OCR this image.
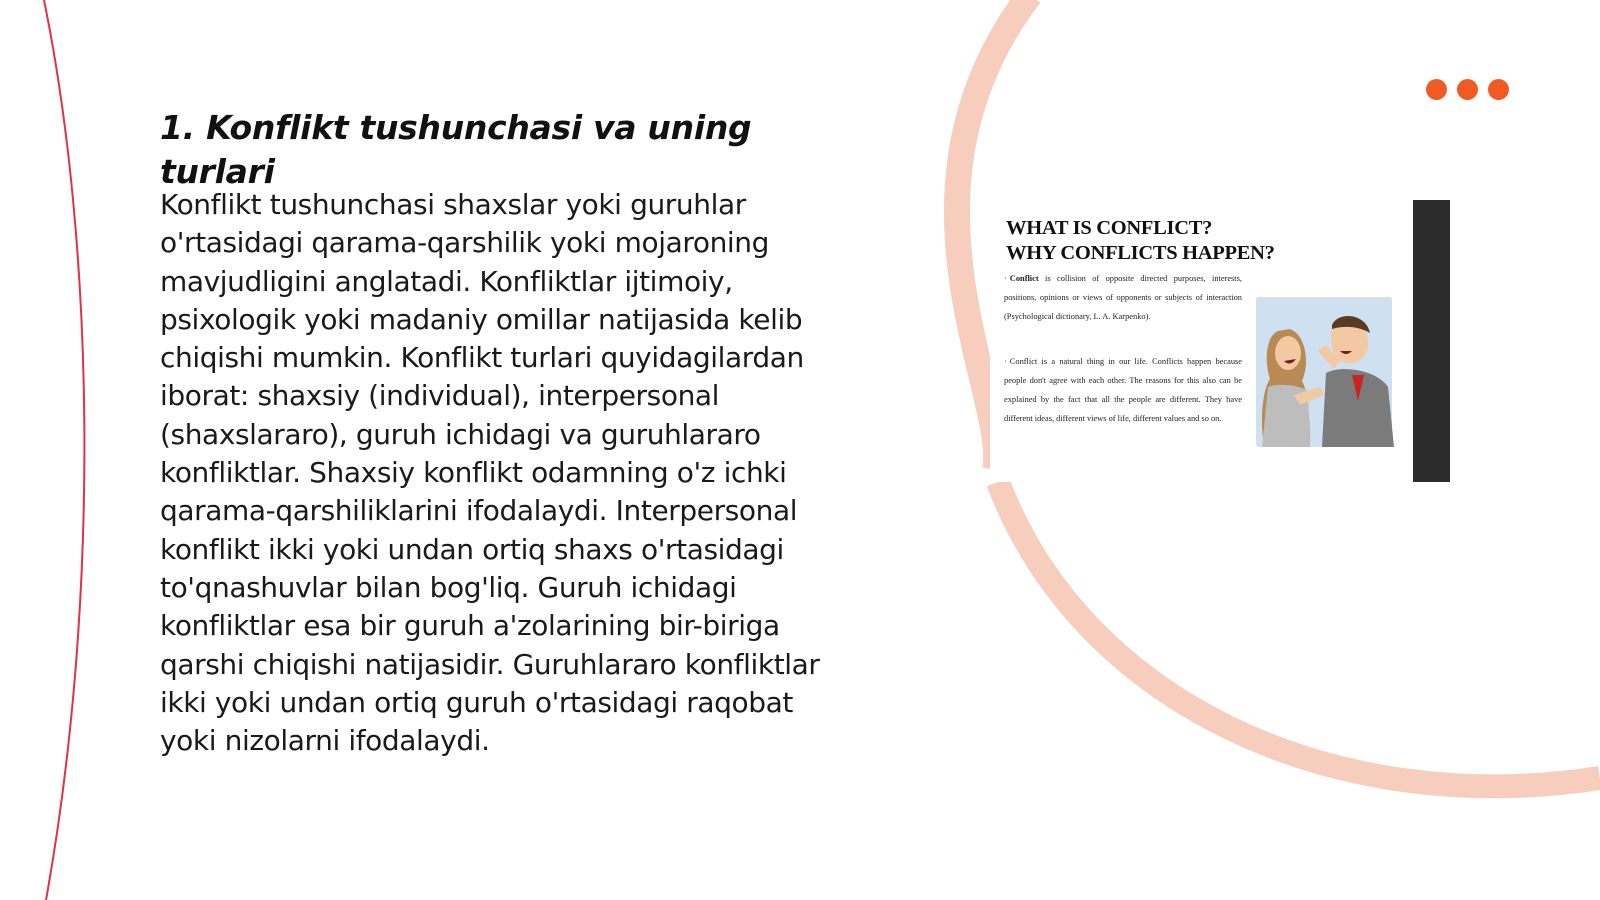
1. Konflikt tushunchasi va uning turlari

Konflikt tushunchasi shaxslar yoki guruhlar o'rtasidagi qarama-qarshilik yoki mojaroning mavjudligini anglatadi. Konfliktlar ijtimoiy, psixologik yoki madaniy omillar natijasida kelib chiqishi mumkin. Konflikt turlari quyidagilardan iborat: shaxsiy (individual), interpersonal (shaxslararo), guruh ichidagi va guruhlararo konfliktlar. Shaxsiy konflikt odamning o'z ichki qarama-qarshiliklarini ifodalaydi. Interpersonal konflikt ikki yoki undan ortiq shaxs o'rtasidagi to'qnashuvlar bilan bog'liq. Guruh ichidagi konfliktlar esa bir guruh a'zolarining bir-biriga qarshi chiqishi natijasidir. Guruhlararo konfliktlar ikki yoki undan ortiq guruh o'rtasidagi raqobat yoki nizolarni ifodalaydi.

WHAT IS CONFLICT?
WHY CONFLICTS HAPPEN?

· Conflict is collision of opposite directed purposes, interests, positions, opinions or views of opponents or subjects of interaction (Psychological dictionary, L. A. Karpenko).

· Conflict is a natural thing in our life. Conflicts happen because people don't agree with each other. The reasons for this also can be explained by the fact that all the people are different. They have different ideas, different views of life, different values and so on.
